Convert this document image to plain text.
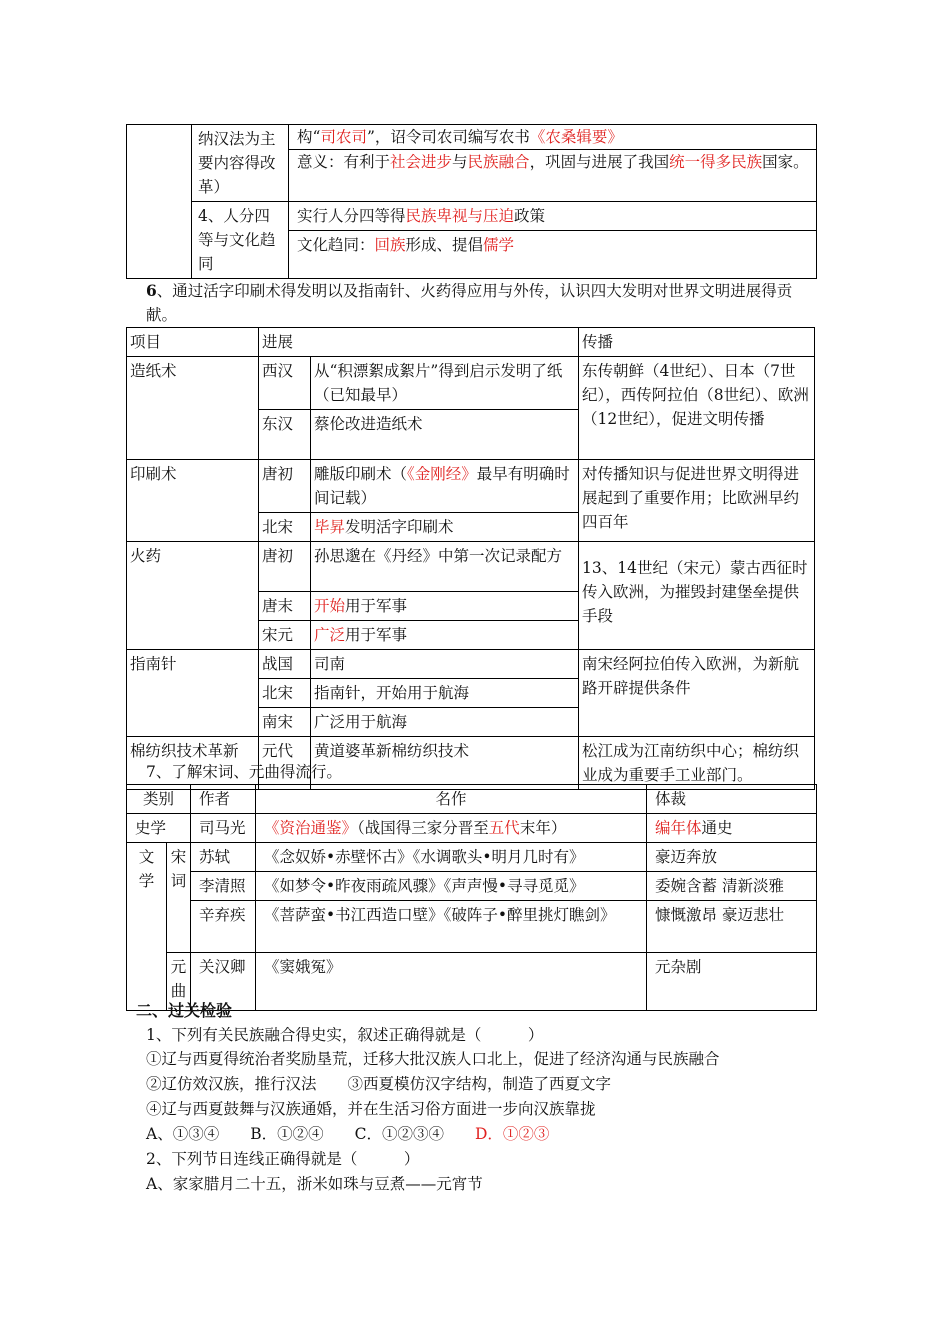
	纳汉法为主要内容得改革）	构“司农司”，诏令司农司编写农书《农桑辑要》
意义：有利于社会进步与民族融合，巩固与进展了我国统一得多民族国家。

	4、人分四等与文化趋同	实行人分四等得民族卑视与压迫政策
		文化趋同：回族形成、提倡儒学
6、通过活字印刷术得发明以及指南针、火药得应用与外传，认识四大发明对世界文明进展得贡献。
项目	进展		传播
造纸术	西汉	从“积漂絮成絮片”得到启示发明了纸（已知最早）	东传朝鲜（4世纪）、日本（7世纪），西传阿拉伯（8世纪）、欧洲（12世纪），促进文明传播
	东汉	蔡伦改进造纸术	
印刷术	唐初	雕版印刷术（《金刚经》最早有明确时间记载）	对传播知识与促进世界文明得进展起到了重要作用；比欧洲早约四百年
	北宋	毕昇发明活字印刷术	
火药	唐初	孙思邈在《丹经》中第一次记录配方	13、14世纪（宋元）蒙古西征时传入欧洲，为摧毁封建堡垒提供手段
	唐末	开始用于军事	
	宋元	广泛用于军事	
指南针	战国	司南	南宋经阿拉伯传入欧洲，为新航路开辟提供条件
	北宋	指南针，开始用于航海	
	南宋	广泛用于航海	
棉纺织技术革新	元代	黄道婆革新棉纺织技术	松江成为江南纺织中心；棉纺织业成为重要手工业部门。
7、了解宋词、元曲得流行。
类别		作者	名作	体裁
史学		司马光	《资治通鉴》（战国得三家分晋至五代末年）	编年体通史
文学	宋词	苏轼	《念奴娇•赤壁怀古》《水调歌头•明月几时有》	豪迈奔放
		李清照	《如梦令•昨夜雨疏风骤》《声声慢•寻寻觅觅》	委婉含蓄 清新淡雅
		辛弃疾	《菩萨蛮•书江西造口壁》《破阵子•醉里挑灯瞧剑》	慷慨激昂 豪迈悲壮
	元曲	关汉卿	《窦娥冤》	元杂剧
二、过关检验
1、下列有关民族融合得史实，叙述正确得就是（　　　）
①辽与西夏得统治者奖励垦荒，迁移大批汉族人口北上，促进了经济沟通与民族融合
②辽仿效汉族，推行汉法　　③西夏模仿汉字结构，制造了西夏文字
④辽与西夏鼓舞与汉族通婚，并在生活习俗方面进一步向汉族靠拢
A、①③④　　B．①②④　　C．①②③④　　 D．①②③
2、下列节日连线正确得就是（　　　）
A、家家腊月二十五，浙米如珠与豆煮——元宵节
